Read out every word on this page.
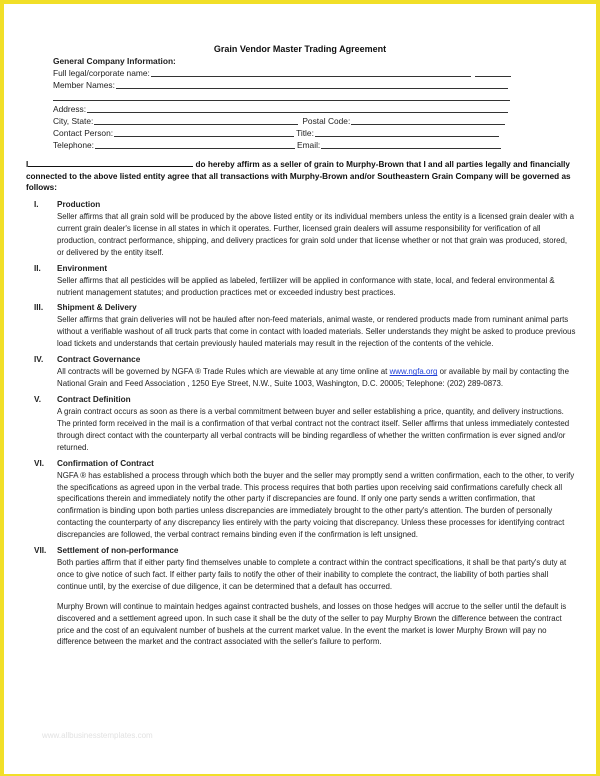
Grain Vendor Master Trading Agreement
General Company Information:
Full legal/corporate name:
Member Names:
Address:
City, State:	Postal Code:
Contact Person:	Title:
Telephone:	Email:
I	do hereby affirm as a seller of grain to Murphy-Brown that I and all parties legally and financially connected to the above listed entity agree that all transactions with Murphy-Brown and/or Southeastern Grain Company will be governed as follows:
I. Production
Seller affirms that all grain sold will be produced by the above listed entity or its individual members unless the entity is a licensed grain dealer with a current grain dealer's license in all states in which it operates. Further, licensed grain dealers will assume responsibility for verification of all production, contract performance, shipping, and delivery practices for grain sold under that license whether or not that grain was produced, stored, or delivered by the entity itself.
II. Environment
Seller affirms that all pesticides will be applied as labeled, fertilizer will be applied in conformance with state, local, and federal environmental & nutrient management statutes; and production practices met or exceeded industry best practices.
III. Shipment & Delivery
Seller affirms that grain deliveries will not be hauled after non-feed materials, animal waste, or rendered products made from ruminant animal parts without a verifiable washout of all truck parts that come in contact with loaded materials. Seller understands they might be asked to produce previous load tickets and understands that certain previously hauled materials may result in the rejection of the contents of the vehicle.
IV. Contract Governance
All contracts will be governed by NGFA ® Trade Rules which are viewable at any time online at www.ngfa.org or available by mail by contacting the National Grain and Feed Association , 1250 Eye Street, N.W., Suite 1003, Washington, D.C. 20005; Telephone: (202) 289-0873.
V. Contract Definition
A grain contract occurs as soon as there is a verbal commitment between buyer and seller establishing a price, quantity, and delivery instructions. The printed form received in the mail is a confirmation of that verbal contract not the contract itself. Seller affirms that unless immediately contested through direct contact with the counterparty all verbal contracts will be binding regardless of whether the written confirmation is ever signed and/or returned.
VI. Confirmation of Contract
NGFA ® has established a process through which both the buyer and the seller may promptly send a written confirmation, each to the other, to verify the specifications as agreed upon in the verbal trade. This process requires that both parties upon receiving said confirmations carefully check all specifications therein and immediately notify the other party if discrepancies are found. If only one party sends a written confirmation, that confirmation is binding upon both parties unless discrepancies are immediately brought to the other party's attention. The burden of personally contacting the counterparty of any discrepancy lies entirely with the party voicing that discrepancy. Unless these processes for identifying contract discrepancies are followed, the verbal contract remains binding even if the confirmation is left unsigned.
VII. Settlement of non-performance
Both parties affirm that if either party find themselves unable to complete a contract within the contract specifications, it shall be that party's duty at once to give notice of such fact. If either party fails to notify the other of their inability to complete the contract, the liability of both parties shall continue until, by the exercise of due diligence, it can be determined that a default has occurred.
Murphy Brown will continue to maintain hedges against contracted bushels, and losses on those hedges will accrue to the seller until the default is discovered and a settlement agreed upon. In such case it shall be the duty of the seller to pay Murphy Brown the difference between the contract price and the cost of an equivalent number of bushels at the current market value. In the event the market is lower Murphy Brown will pay no difference between the market and the contract associated with the seller's failure to perform.
www.allbusinesstemplates.com
